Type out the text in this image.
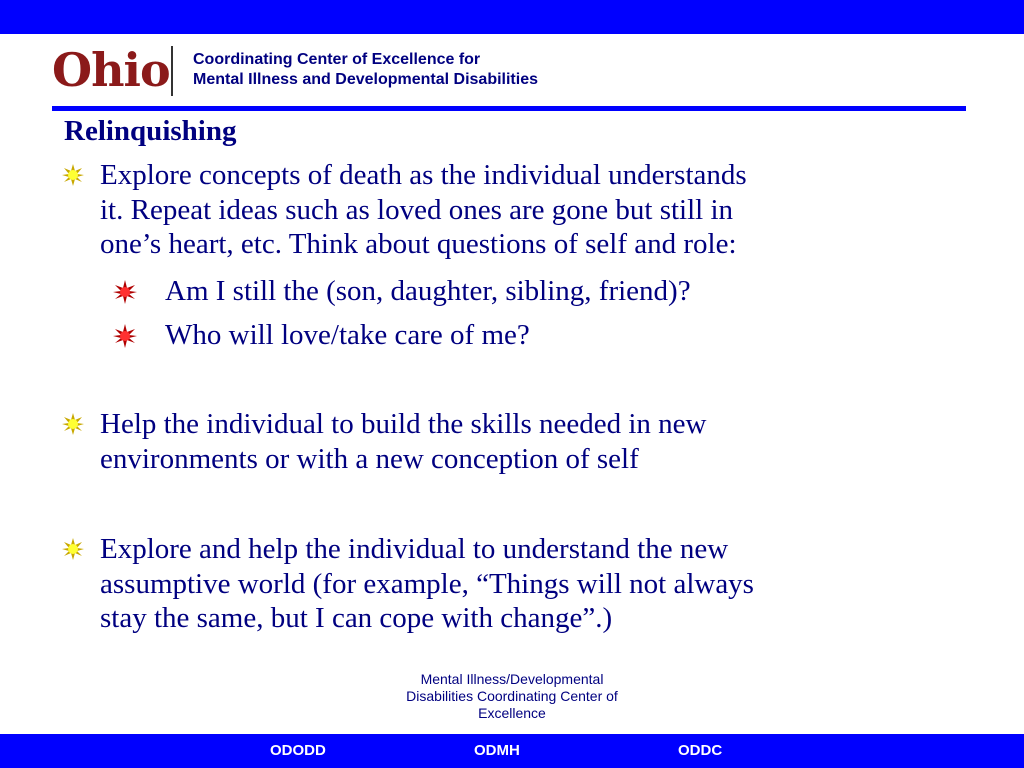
Ohio Coordinating Center of Excellence for
Mental Illness and Developmental Disabilities
Relinquishing
Explore concepts of death as the individual understands
it. Repeat ideas such as loved ones are gone but still in
one’s heart, etc. Think about questions of self and role:
Am I still the (son, daughter, sibling, friend)?
Who will love/take care of me?
Help the individual to build the skills needed in new
environments or with a new conception of self
Explore and help the individual to understand the new
assumptive world (for example, “Things will not always
stay the same, but I can cope with change”.)
Mental Illness/Developmental
Disabilities Coordinating Center of
Excellence
ODODD	ODMH	ODDC
